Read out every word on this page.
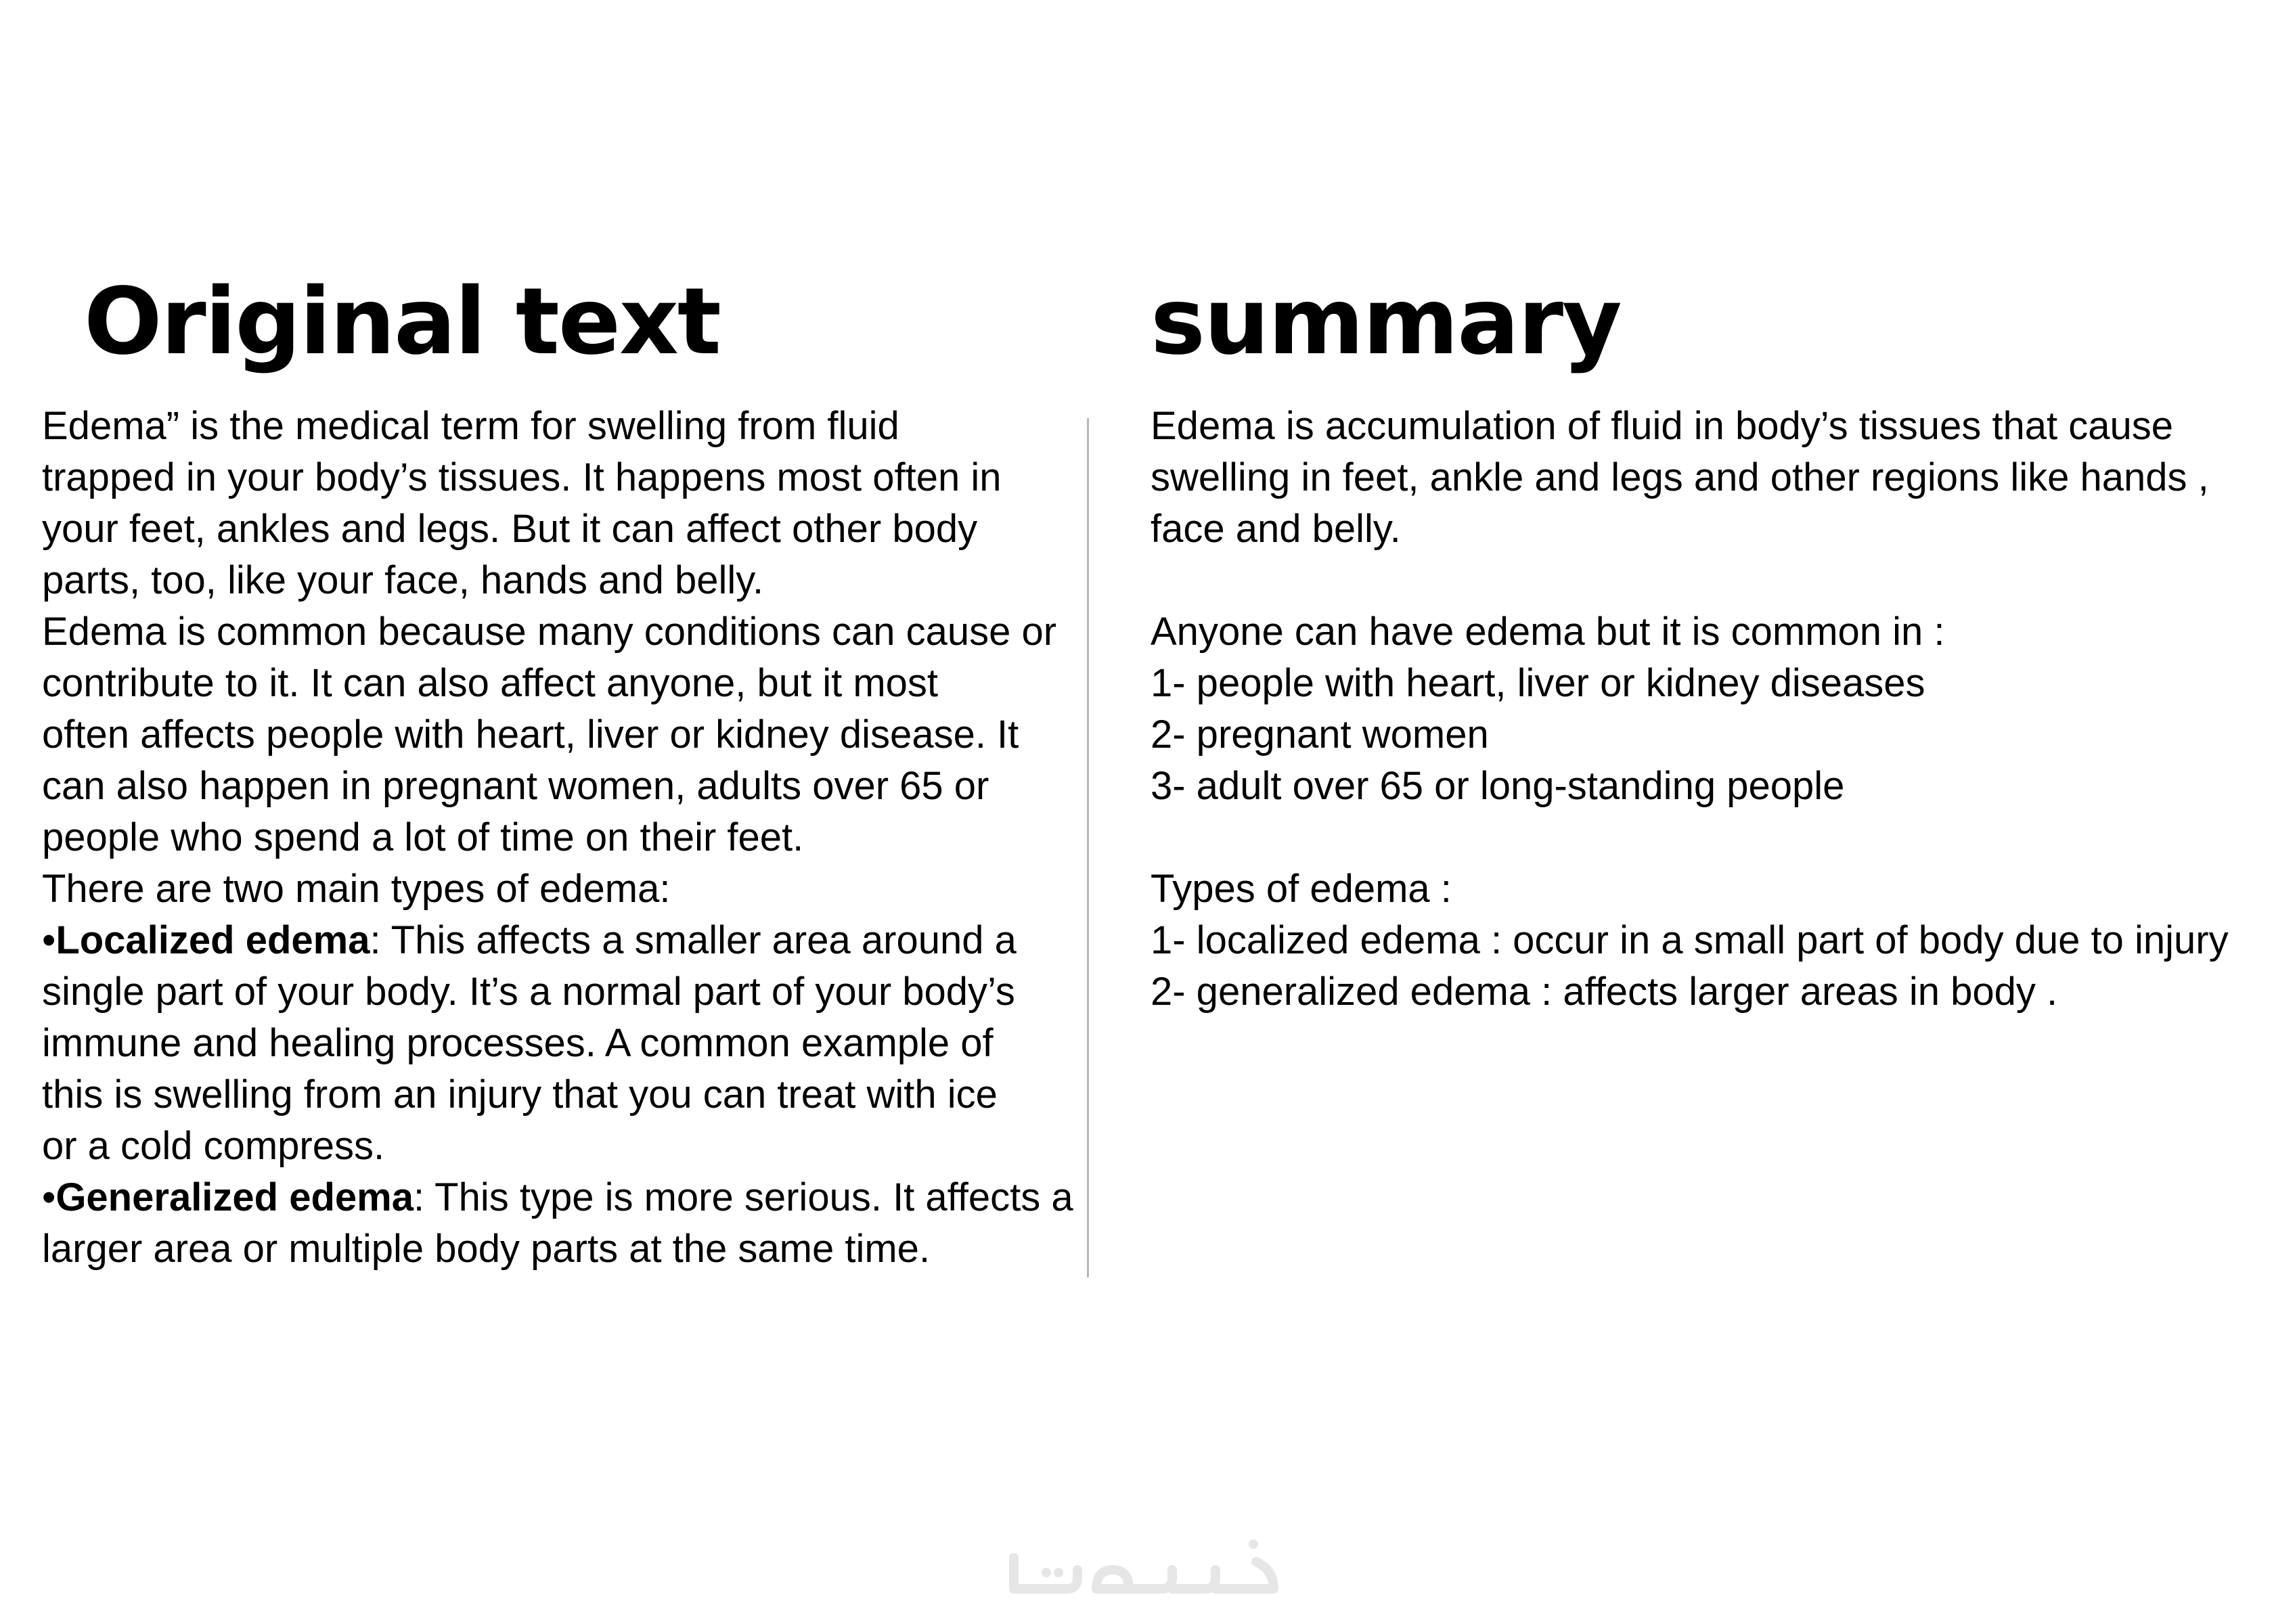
Original text	summary
Edema” is the medical term for swelling from fluid
trapped in your body’s tissues. It happens most often in
your feet, ankles and legs. But it can affect other body
parts, too, like your face, hands and belly.
Edema is common because many conditions can cause or
contribute to it. It can also affect anyone, but it most
often affects people with heart, liver or kidney disease. It
can also happen in pregnant women, adults over 65 or
people who spend a lot of time on their feet.
There are two main types of edema:
•Localized edema: This affects a smaller area around a
single part of your body. It’s a normal part of your body’s
immune and healing processes. A common example of
this is swelling from an injury that you can treat with ice
or a cold compress.
•Generalized edema: This type is more serious. It affects a
larger area or multiple body parts at the same time.
Edema is accumulation of fluid in body’s tissues that cause
swelling in feet, ankle and legs and other regions like hands ,
face and belly.
Anyone can have edema but it is common in :
1- people with heart, liver or kidney diseases
2- pregnant women
3- adult over 65 or long-standing people
Types of edema :
1- localized edema : occur in a small part of body due to injury
2- generalized edema : affects larger areas in body .
